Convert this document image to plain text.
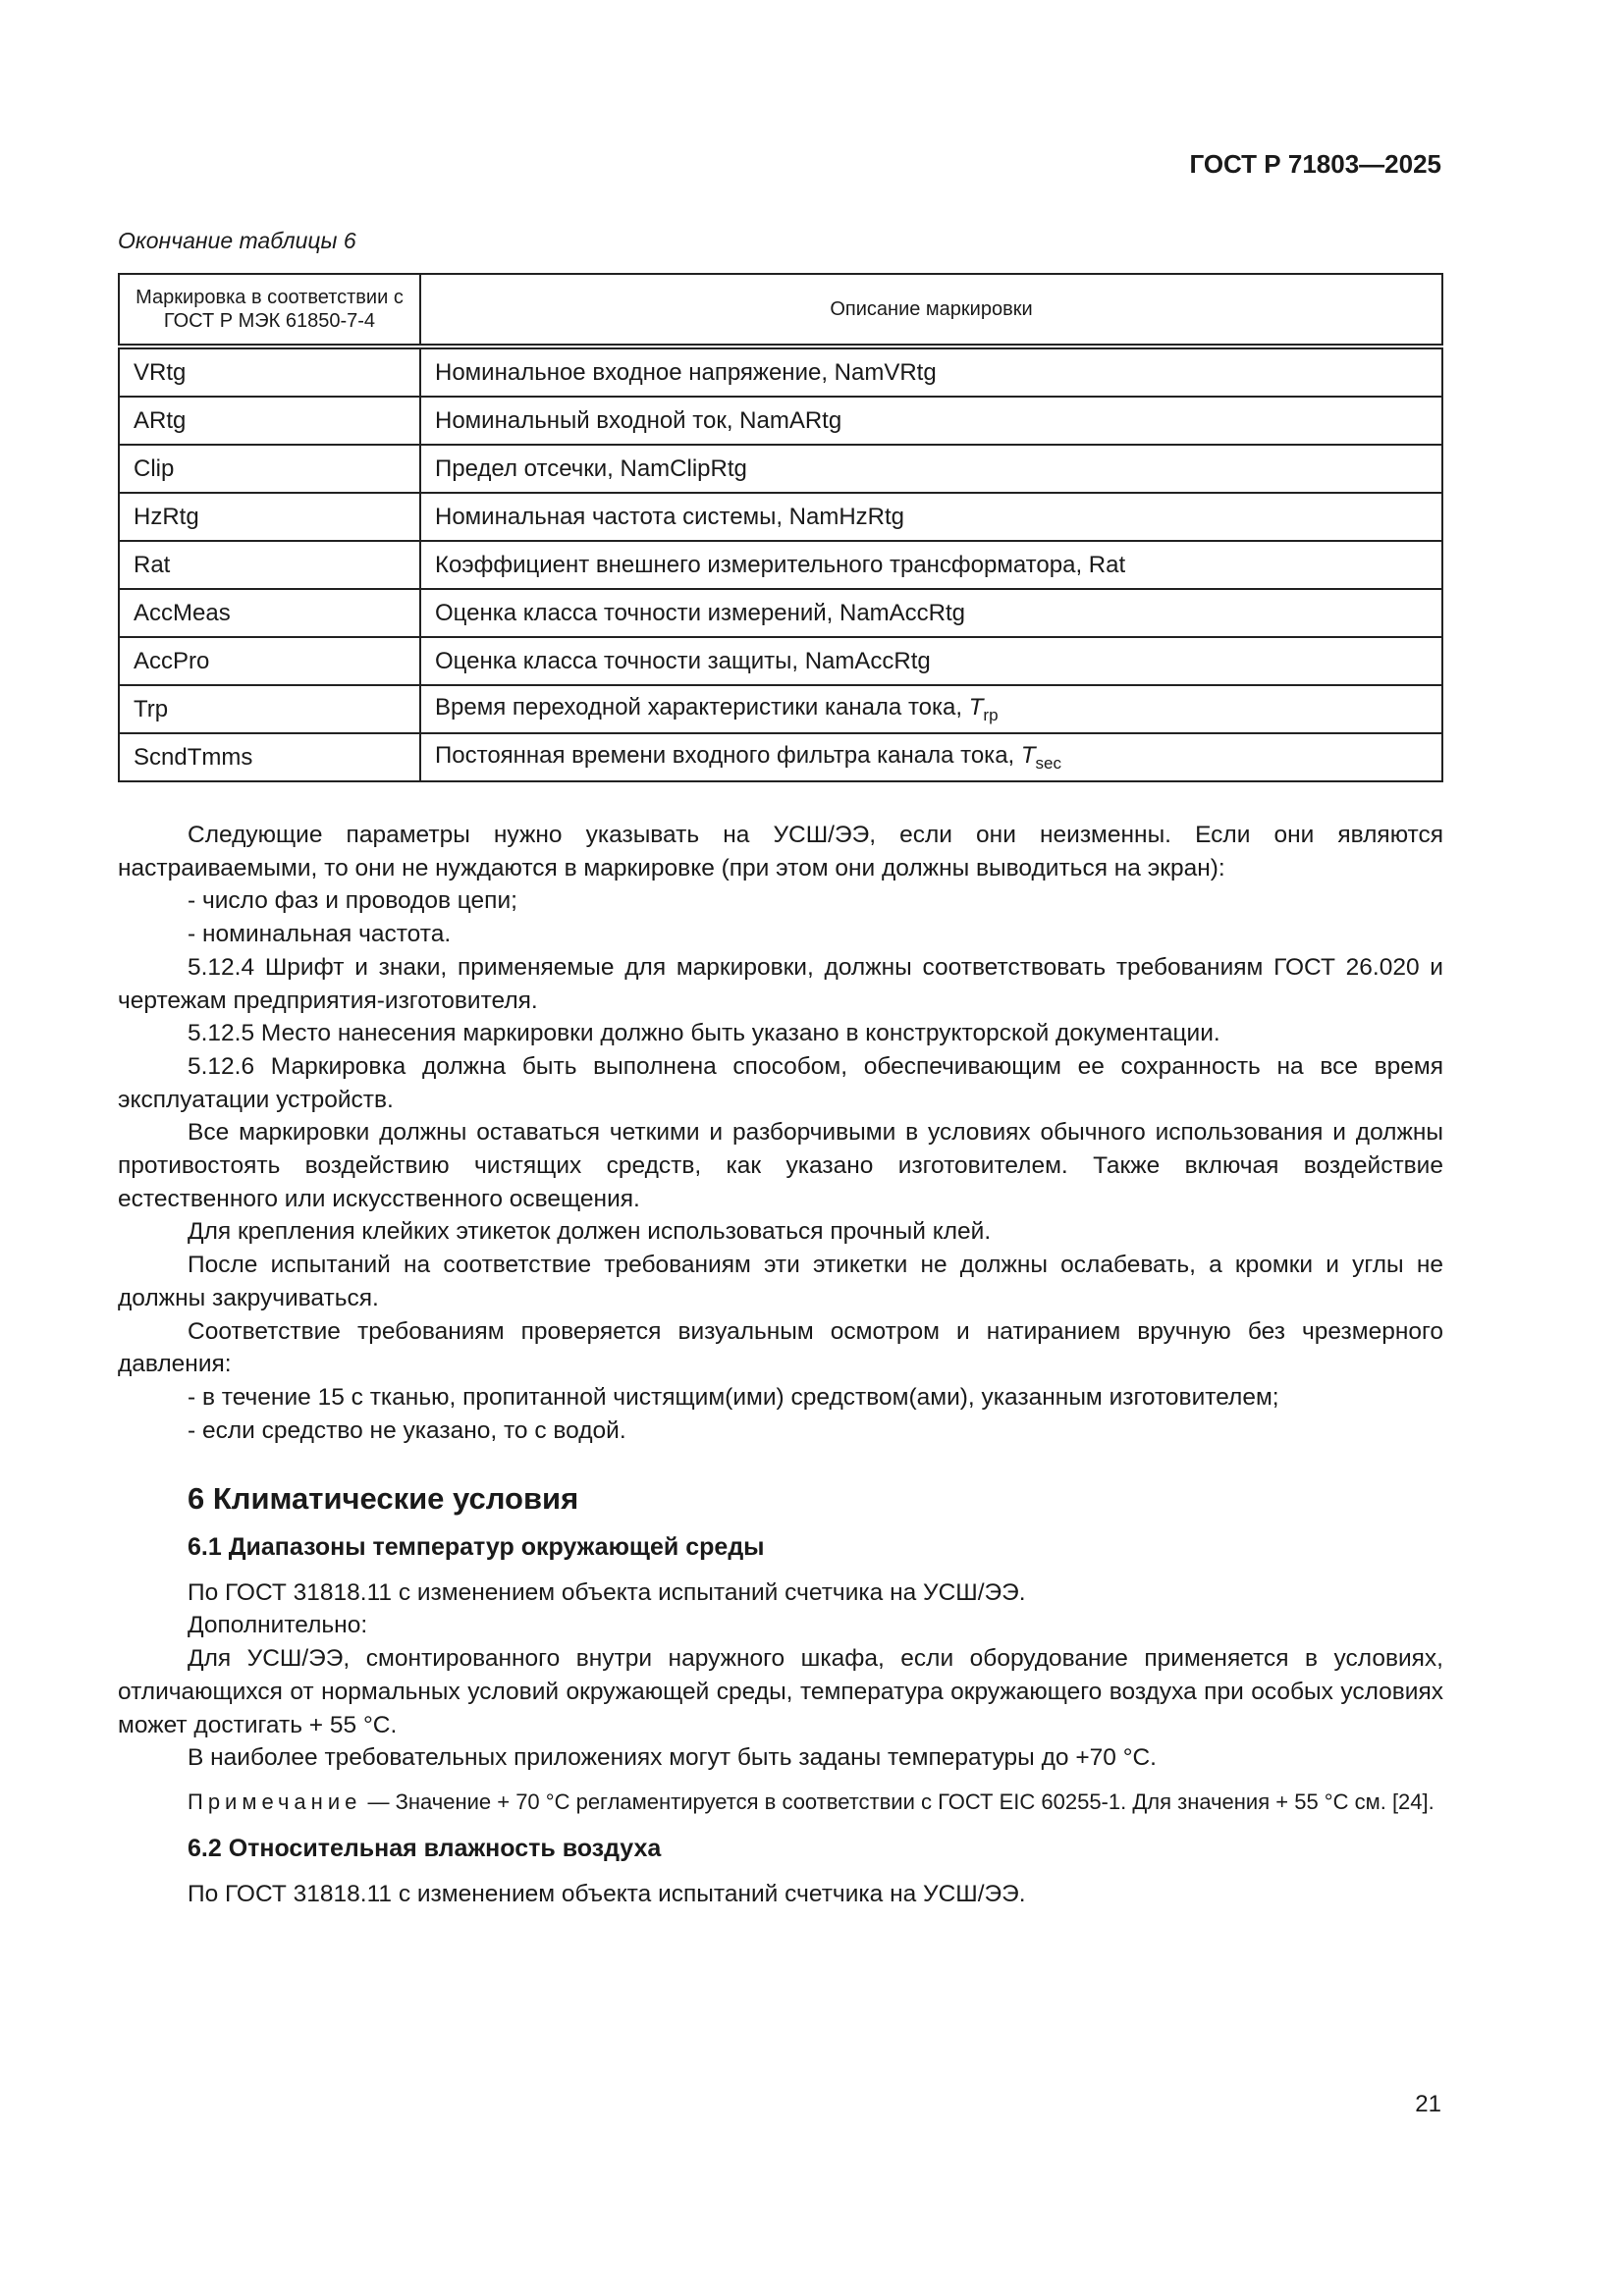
ГОСТ Р 71803—2025
Окончание таблицы 6
Маркировка в соответствии с ГОСТ Р МЭК 61850-7-4	Описание маркировки
VRtg	Номинальное входное напряжение, NamVRtg
ARtg	Номинальный входной ток, NamARtg
Clip	Предел отсечки, NamClipRtg
HzRtg	Номинальная частота системы, NamHzRtg
Rat	Коэффициент внешнего измерительного трансформатора, Rat
AccMeas	Оценка класса точности измерений, NamAccRtg
AccPro	Оценка класса точности защиты, NamAccRtg
Trp	Время переходной характеристики канала тока, $T_{rp}$
ScndTmms	Постоянная времени входного фильтра канала тока, $T_{sec}$

Следующие параметры нужно указывать на УСШ/ЭЭ, если они неизменны. Если они являются настраиваемыми, то они не нуждаются в маркировке (при этом они должны выводиться на экран):

- число фаз и проводов цепи;

- номинальная частота.

5.12.4 Шрифт и знаки, применяемые для маркировки, должны соответствовать требованиям ГОСТ 26.020 и чертежам предприятия-изготовителя.

5.12.5 Место нанесения маркировки должно быть указано в конструкторской документации.

5.12.6 Маркировка должна быть выполнена способом, обеспечивающим ее сохранность на все время эксплуатации устройств.

Все маркировки должны оставаться четкими и разборчивыми в условиях обычного использования и должны противостоять воздействию чистящих средств, как указано изготовителем. Также включая воздействие естественного или искусственного освещения.

Для крепления клейких этикеток должен использоваться прочный клей.

После испытаний на соответствие требованиям эти этикетки не должны ослабевать, а кромки и углы не должны закручиваться.

Соответствие требованиям проверяется визуальным осмотром и натиранием вручную без чрезмерного давления:

- в течение 15 с тканью, пропитанной чистящим(ими) средством(ами), указанным изготовителем;

- если средство не указано, то с водой.

6 Климатические условия
6.1 Диапазоны температур окружающей среды

По ГОСТ 31818.11 с изменением объекта испытаний счетчика на УСШ/ЭЭ.

Дополнительно:

Для УСШ/ЭЭ, смонтированного внутри наружного шкафа, если оборудование применяется в условиях, отличающихся от нормальных условий окружающей среды, температура окружающего воздуха при особых условиях может достигать + 55 °С.

В наиболее требовательных приложениях могут быть заданы температуры до +70 °С.

Примечание — Значение + 70 °С регламентируется в соответствии с ГОСТ EIC 60255-1. Для значения + 55 °С см. [24].

6.2 Относительная влажность воздуха

По ГОСТ 31818.11 с изменением объекта испытаний счетчика на УСШ/ЭЭ.

21
